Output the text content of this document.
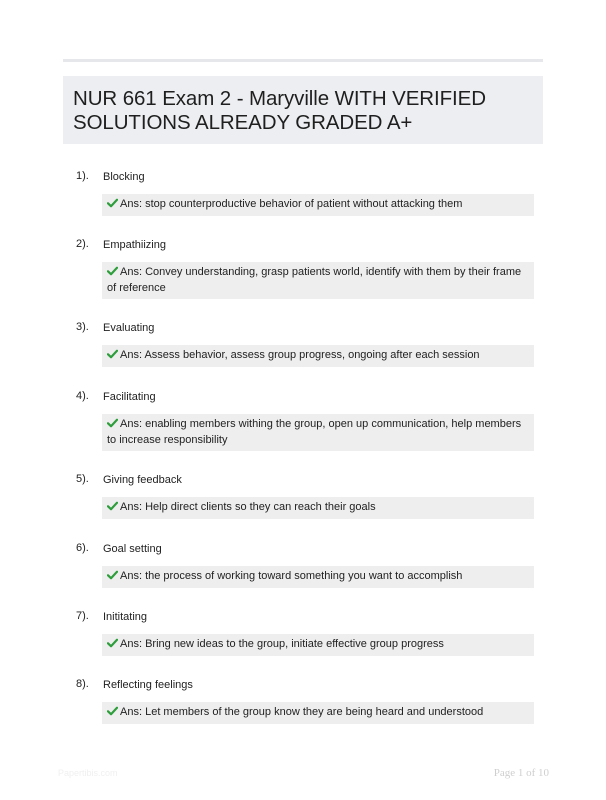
NUR 661 Exam 2 - Maryville WITH VERIFIED SOLUTIONS ALREADY GRADED A+
1). Blocking
Ans: stop counterproductive behavior of patient without attacking them
2). Empathiizing
Ans: Convey understanding, grasp patients world, identify with them by their frame of reference
3). Evaluating
Ans: Assess behavior, assess group progress, ongoing after each session
4). Facilitating
Ans: enabling members withing the group, open up communication, help members to increase responsibility
5). Giving feedback
Ans: Help direct clients so they can reach their goals
6). Goal setting
Ans: the process of working toward something you want to accomplish
7). Inititating
Ans: Bring new ideas to the group, initiate effective group progress
8). Reflecting feelings
Ans: Let members of the group know they are being heard and understood
Papertibis.com	Page 1 of 10
